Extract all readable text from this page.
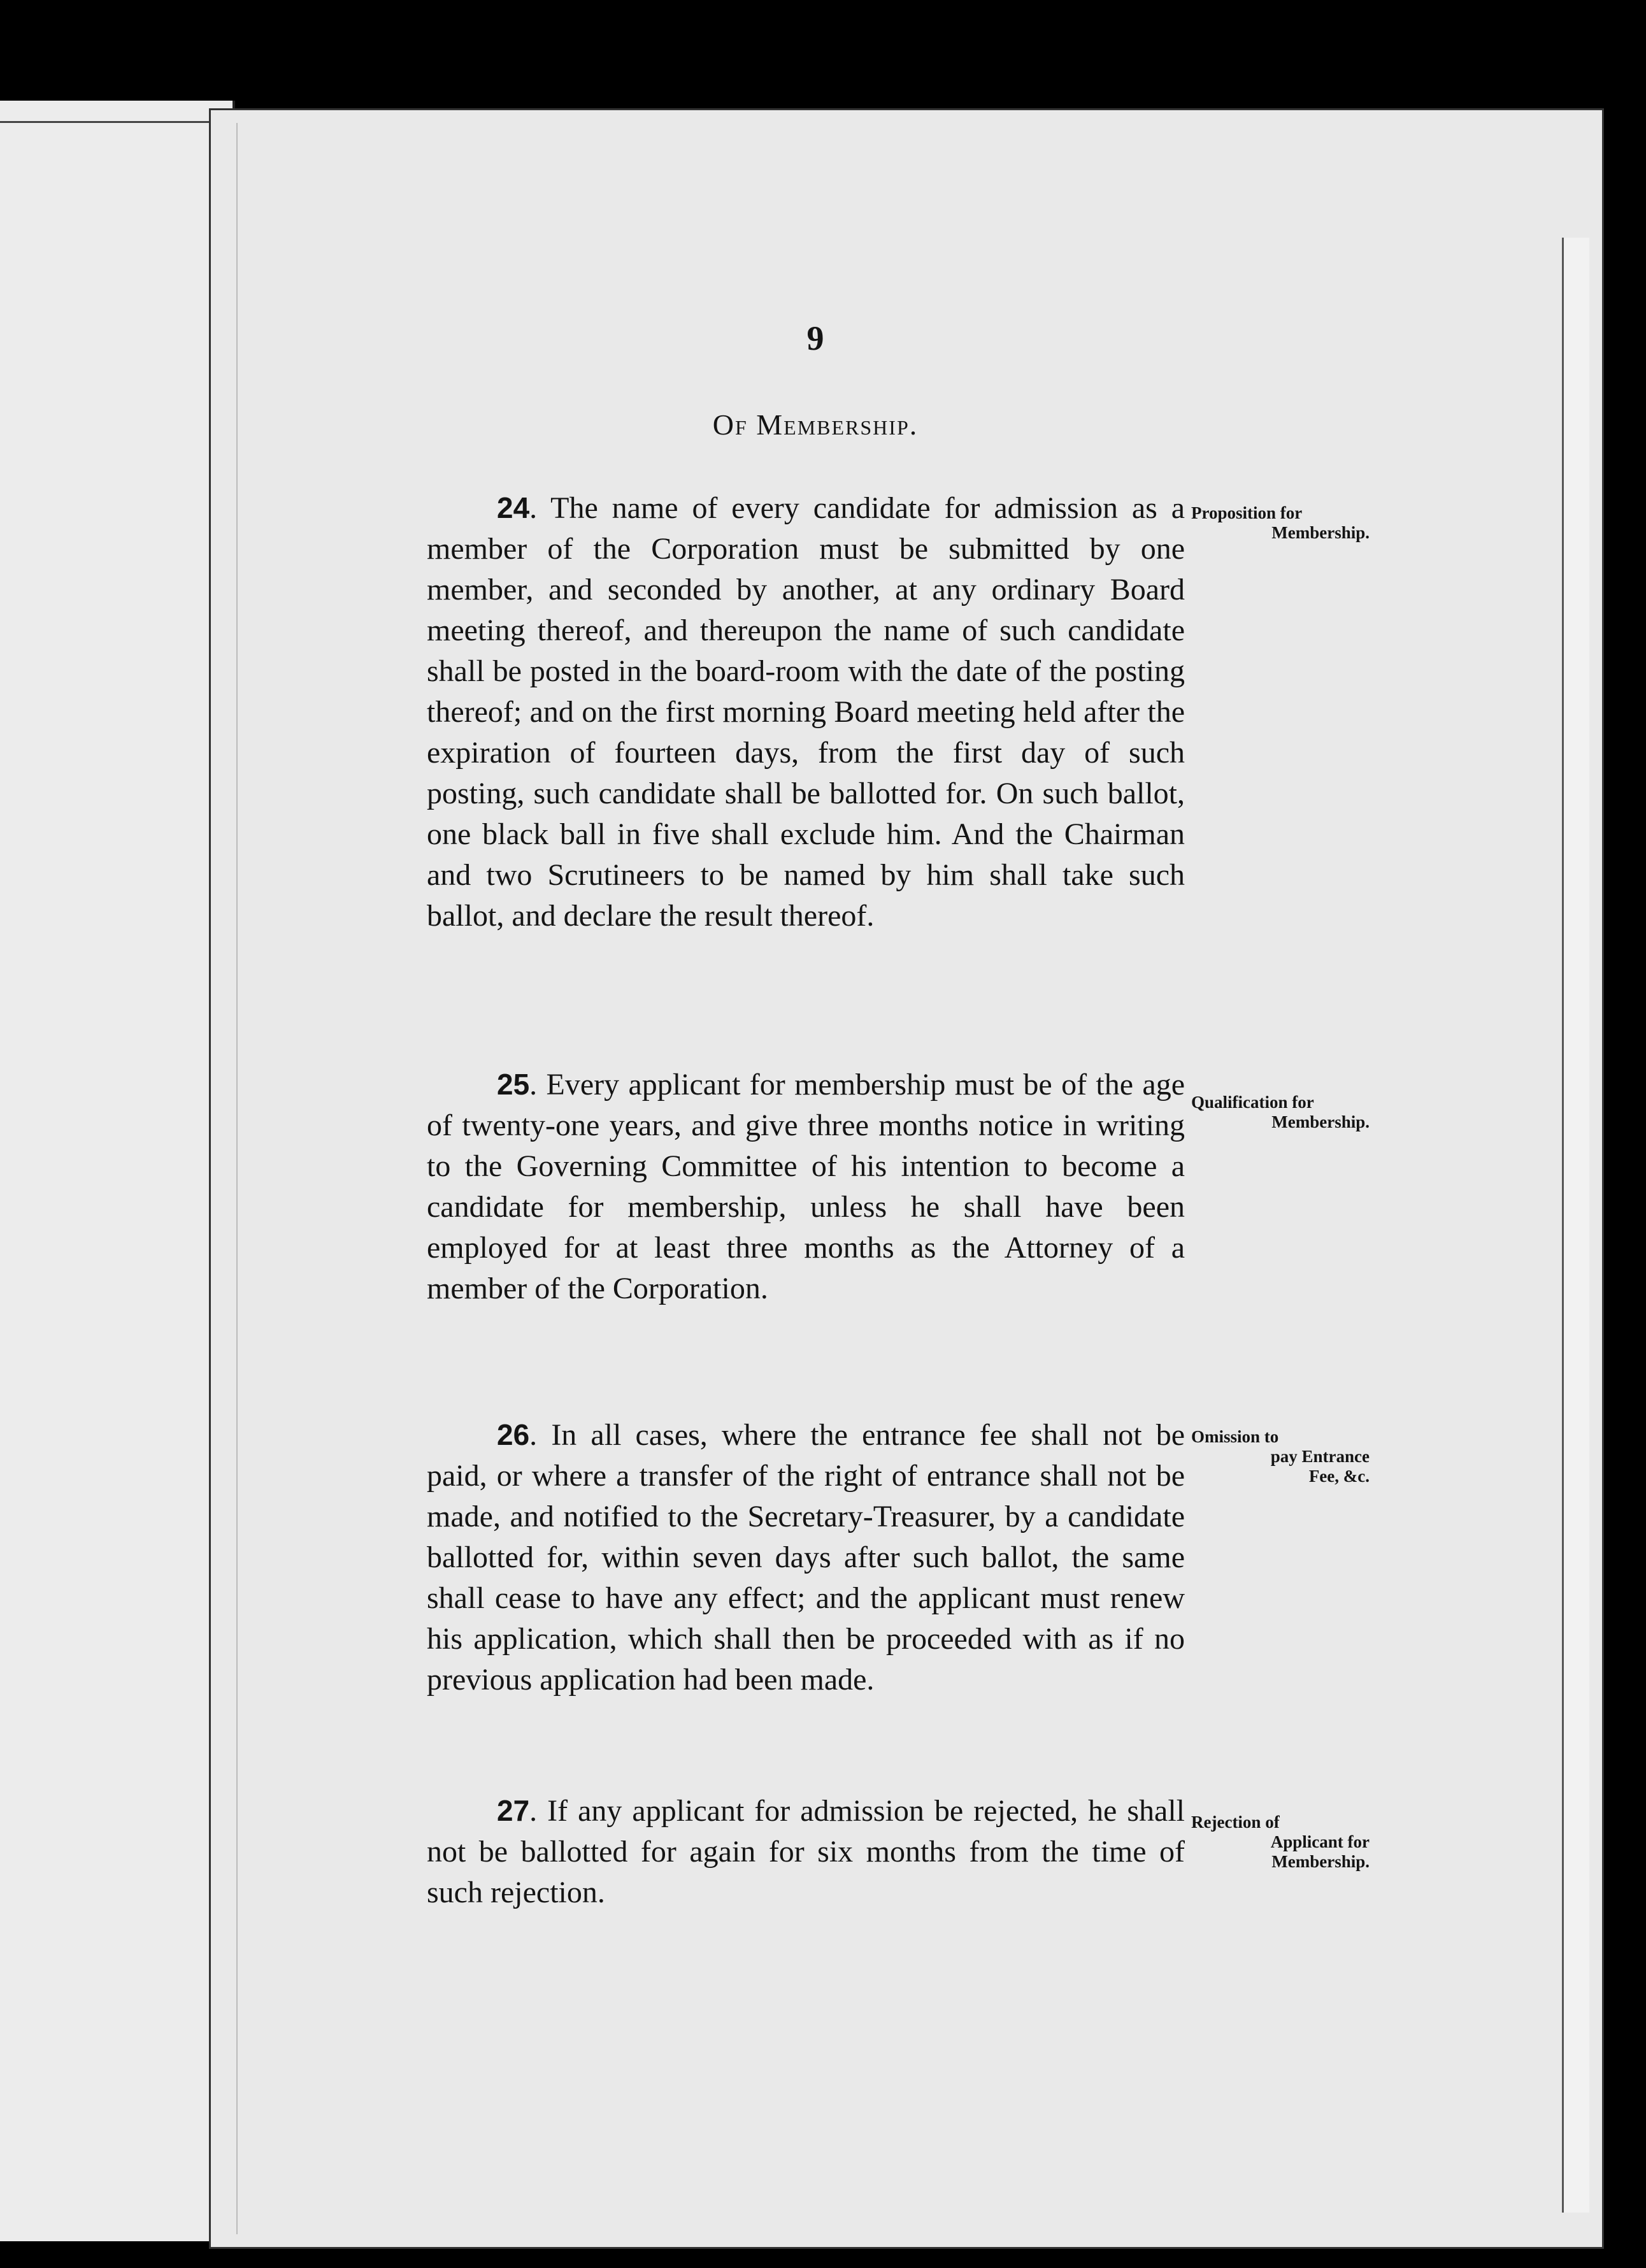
9
Of Membership.

24. The name of every candidate for admission as a member of the Corporation must be submitted by one member, and seconded by another, at any ordinary Board meeting thereof, and thereupon the name of such candidate shall be posted in the board-room with the date of the posting thereof; and on the first morning Board meeting held after the expiration of fourteen days, from the first day of such posting, such candidate shall be ballotted for. On such ballot, one black ball in five shall exclude him. And the Chairman and two Scrutineers to be named by him shall take such ballot, and declare the result thereof.

Proposition for
Membership.

25. Every applicant for membership must be of the age of twenty-one years, and give three months notice in writing to the Governing Committee of his intention to become a candidate for membership, unless he shall have been employed for at least three months as the Attorney of a member of the Corporation.

Qualification for
Membership.

26. In all cases, where the entrance fee shall not be paid, or where a transfer of the right of entrance shall not be made, and notified to the Secretary-Treasurer, by a candidate ballotted for, within seven days after such ballot, the same shall cease to have any effect; and the applicant must renew his application, which shall then be proceeded with as if no previous application had been made.

Omission to
pay Entrance
Fee, &c.

27. If any applicant for admission be rejected, he shall not be ballotted for again for six months from the time of such rejection.

Rejection of
Applicant for
Membership.
▾
